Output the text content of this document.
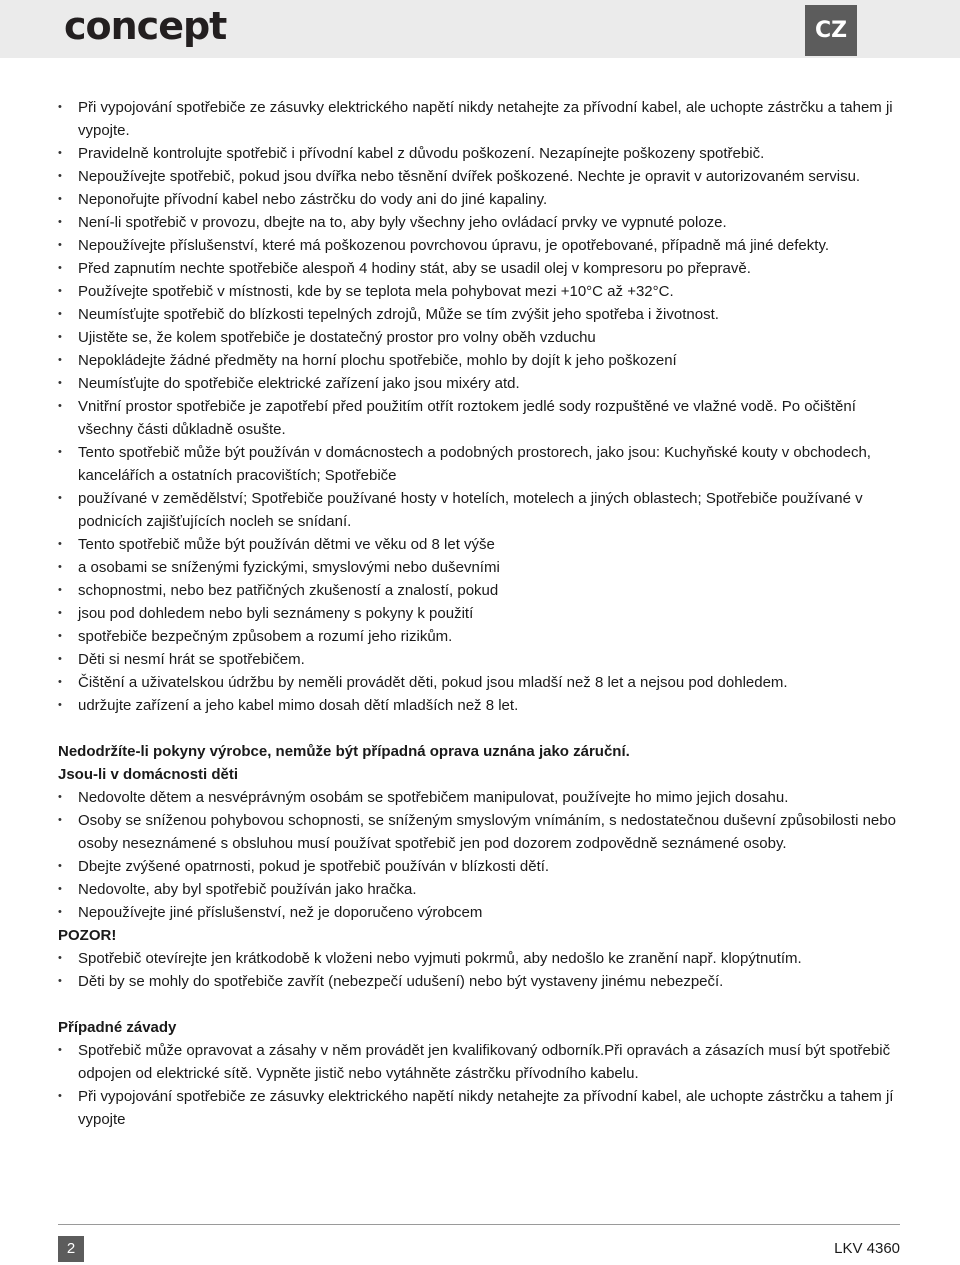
concept	CZ
• Při vypojování spotřebiče ze zásuvky elektrického napětí nikdy netahejte za přívodní kabel, ale uchopte zástrčku a tahem ji vypojte.
• Pravidelně kontrolujte spotřebič i přívodní kabel z důvodu poškození. Nezapínejte poškozeny spotřebič.
• Nepoužívejte spotřebič, pokud jsou dvířka nebo těsnění dvířek poškozené. Nechte je opravit v autorizovaném servisu.
• Neponořujte přívodní kabel nebo zástrčku do vody ani do jiné kapaliny.
• Není-li spotřebič v provozu, dbejte na to, aby byly všechny jeho ovládací prvky ve vypnuté poloze.
• Nepoužívejte příslušenství, které má poškozenou povrchovou úpravu, je opotřebované, případně má jiné defekty.
• Před zapnutím nechte spotřebiče alespoň 4 hodiny stát, aby se usadil olej v kompresoru po přepravě.
• Používejte spotřebič v místnosti, kde by se teplota mela pohybovat mezi +10°C až +32°C.
• Neumísťujte spotřebič do blízkosti tepelných zdrojů, Může se tím zvýšit jeho spotřeba i životnost.
• Ujistěte se, že kolem spotřebiče je dostatečný prostor pro volny oběh vzduchu
• Nepokládejte žádné předměty na horní plochu spotřebiče, mohlo by dojít k jeho poškození
• Neumísťujte do spotřebiče elektrické zařízení jako jsou mixéry atd.
• Vnitřní prostor spotřebiče je zapotřebí před použitím otřít roztokem jedlé sody rozpuštěné ve vlažné vodě. Po očištění všechny části důkladně osušte.
• Tento spotřebič může být používán v domácnostech a podobných prostorech, jako jsou: Kuchyňské kouty v obchodech, kancelářích a ostatních pracovištích; Spotřebiče
• používané v zemědělství; Spotřebiče používané hosty v hotelích, motelech a jiných oblastech; Spotřebiče používané v podnicích zajišťujících nocleh se snídaní.
• Tento spotřebič může být používán dětmi ve věku od 8 let výše
• a osobami se sníženými fyzickými, smyslovými nebo duševními
• schopnostmi, nebo bez patřičných zkušeností a znalostí, pokud
• jsou pod dohledem nebo byli seznámeny s pokyny k použití
• spotřebiče bezpečným způsobem a rozumí jeho rizikům.
• Děti si nesmí hrát se spotřebičem.
• Čištění a uživatelskou údržbu by neměli provádět děti, pokud jsou mladší než 8 let a nejsou pod dohledem.
• udržujte zařízení a jeho kabel mimo dosah dětí mladších než 8 let.
Nedodržíte-li pokyny výrobce, nemůže být případná oprava uznána jako záruční.
Jsou-li v domácnosti děti
• Nedovolte dětem a nesvéprávným osobám se spotřebičem manipulovat, používejte ho mimo jejich dosahu.
• Osoby se sníženou pohybovou schopnosti, se sníženým smyslovým vnímáním, s nedostatečnou duševní způsobilosti nebo osoby neseznámené s obsluhou musí používat spotřebič jen pod dozorem zodpovědně seznámené osoby.
• Dbejte zvýšené opatrnosti, pokud je spotřebič používán v blízkosti dětí.
• Nedovolte, aby byl spotřebič používán jako hračka.
• Nepoužívejte jiné příslušenství, než je doporučeno výrobcem
POZOR!
• Spotřebič otevírejte jen krátkodobě k vloženi nebo vyjmuti pokrmů, aby nedošlo ke zranění např. klopýtnutím.
• Děti by se mohly do spotřebiče zavřít (nebezpečí udušení) nebo být vystaveny jinému nebezpečí.
Případné závady
• Spotřebič může opravovat a zásahy v něm provádět jen kvalifikovaný odborník.Při opravách a zásazích musí být spotřebič odpojen od elektrické sítě. Vypněte jistič nebo vytáhněte zástrčku přívodního kabelu.
• Při vypojování spotřebiče ze zásuvky elektrického napětí nikdy netahejte za přívodní kabel, ale uchopte zástrčku a tahem jí vypojte
2	LKV 4360
